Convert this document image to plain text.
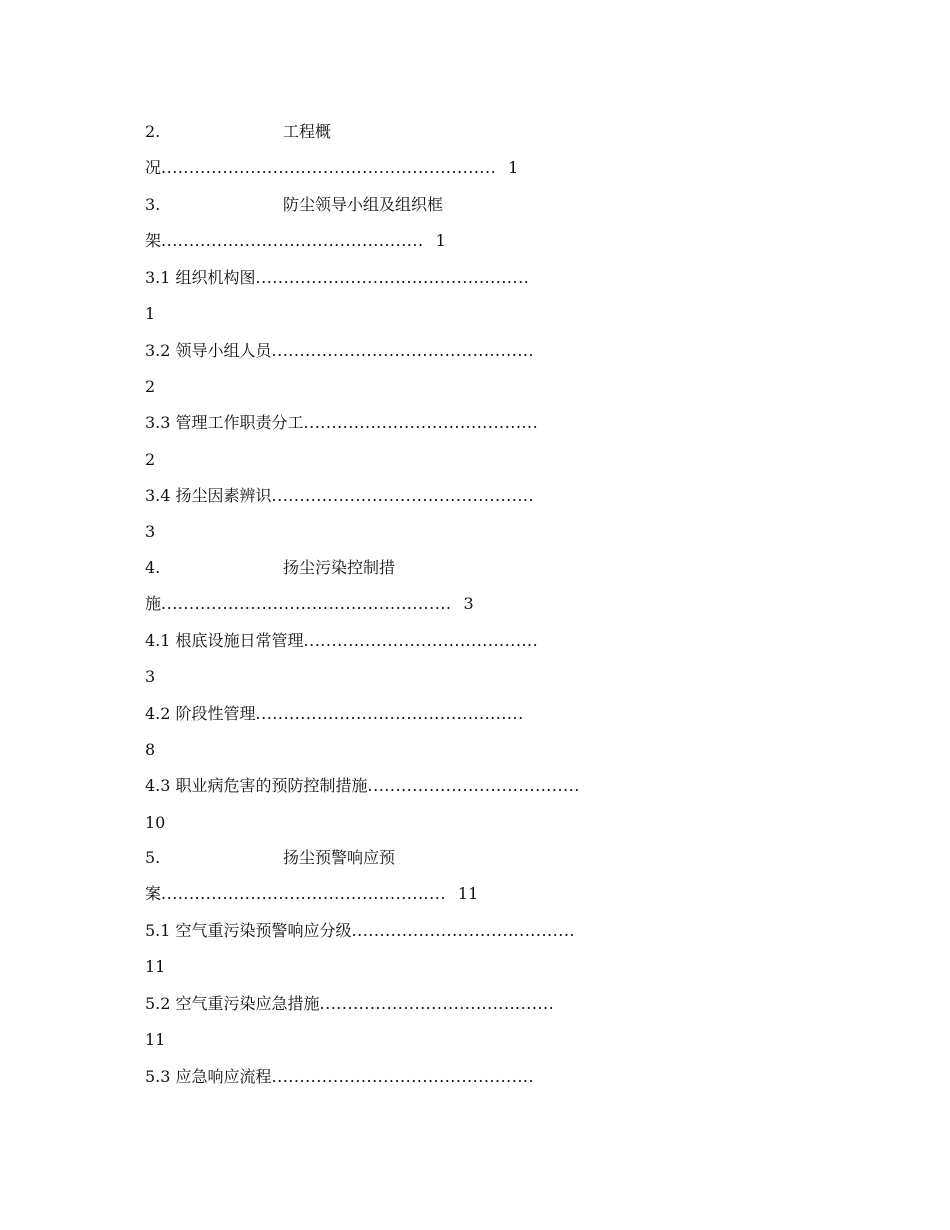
2.	工程概
况............................................................ 1
3.	防尘领导小组及组织框
架............................................... 1
3.1 组织机构图.................................................
1
3.2 领导小组人员...............................................
2
3.3 管理工作职责分工..........................................
2
3.4 扬尘因素辨识...............................................
3
4.	扬尘污染控制措
施.................................................... 3
4.1 根底设施日常管理..........................................
3
4.2 阶段性管理................................................
8
4.3 职业病危害的预防控制措施......................................
10
5.	扬尘预警响应预
案................................................... 11
5.1 空气重污染预警响应分级........................................
11
5.2 空气重污染应急措施..........................................
11
5.3 应急响应流程...............................................
